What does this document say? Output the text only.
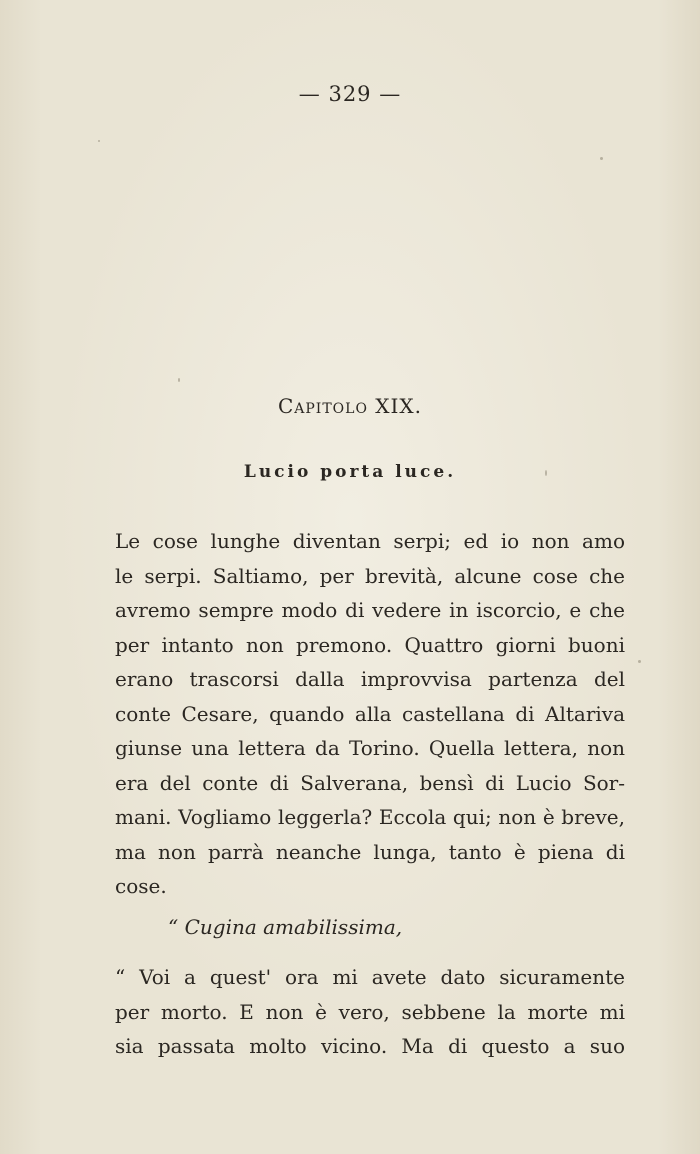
— 329 —
Capitolo XIX.
Lucio porta luce.
Le cose lunghe diventan serpi; ed io non amo
le serpi. Saltiamo, per brevità, alcune cose che
avremo sempre modo di vedere in iscorcio, e che
per intanto non premono. Quattro giorni buoni
erano trascorsi dalla improvvisa partenza del
conte Cesare, quando alla castellana di Altariva
giunse una lettera da Torino. Quella lettera, non
era del conte di Salverana, bensì di Lucio Sor-
mani. Vogliamo leggerla? Eccola qui; non è breve,
ma non parrà neanche lunga, tanto è piena di
cose.
“ Cugina amabilissima,
“ Voi a quest' ora mi avete dato sicuramente
per morto. E non è vero, sebbene la morte mi
sia passata molto vicino. Ma di questo a suo
